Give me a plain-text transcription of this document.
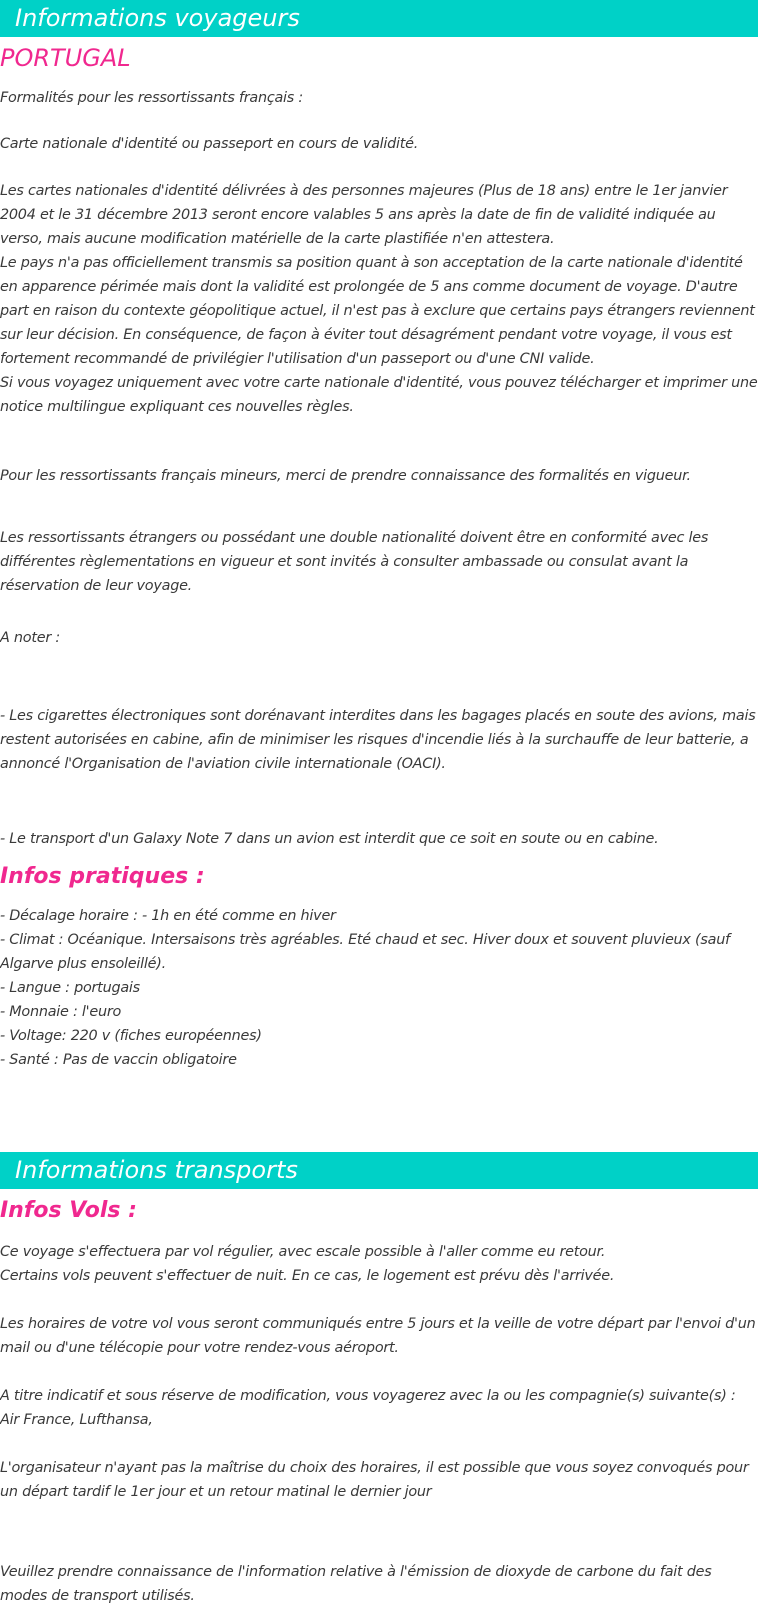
Informations voyageurs
PORTUGAL
Formalités pour les ressortissants français :
Carte nationale d'identité ou passeport en cours de validité.
Les cartes nationales d'identité délivrées à des personnes majeures (Plus de 18 ans) entre le 1er janvier 2004 et le 31 décembre 2013 seront encore valables 5 ans après la date de fin de validité indiquée au verso, mais aucune modification matérielle de la carte plastifiée n'en attestera.
Le pays n'a pas officiellement transmis sa position quant à son acceptation de la carte nationale d'identité en apparence périmée mais dont la validité est prolongée de 5 ans comme document de voyage. D'autre part en raison du contexte géopolitique actuel, il n'est pas à exclure que certains pays étrangers reviennent sur leur décision. En conséquence, de façon à éviter tout désagrément pendant votre voyage, il vous est fortement recommandé de privilégier l'utilisation d'un passeport ou d'une CNI valide.
Si vous voyagez uniquement avec votre carte nationale d'identité, vous pouvez télécharger et imprimer une notice multilingue expliquant ces nouvelles règles.
Pour les ressortissants français mineurs, merci de prendre connaissance des formalités en vigueur.
Les ressortissants étrangers ou possédant une double nationalité doivent être en conformité avec les différentes règlementations en vigueur et sont invités à consulter ambassade ou consulat avant la réservation de leur voyage.
A noter :
- Les cigarettes électroniques sont dorénavant interdites dans les bagages placés en soute des avions, mais restent autorisées en cabine, afin de minimiser les risques d'incendie liés à la surchauffe de leur batterie, a annoncé l'Organisation de l'aviation civile internationale (OACI).
- Le transport d'un Galaxy Note 7 dans un avion est interdit que ce soit en soute ou en cabine.
Infos pratiques :
- Décalage horaire : - 1h en été comme en hiver
- Climat : Océanique. Intersaisons très agréables. Eté chaud et sec. Hiver doux et souvent pluvieux (sauf Algarve plus ensoleillé).
- Langue : portugais
- Monnaie : l'euro
- Voltage: 220 v (fiches européennes)
- Santé : Pas de vaccin obligatoire
Informations transports
Infos Vols :
Ce voyage s'effectuera par vol régulier, avec escale possible à l'aller comme eu retour.
Certains vols peuvent s'effectuer de nuit. En ce cas, le logement est prévu dès l'arrivée.
Les horaires de votre vol vous seront communiqués entre 5 jours et la veille de votre départ par l'envoi d'un mail ou d'une télécopie pour votre rendez-vous aéroport.
A titre indicatif et sous réserve de modification, vous voyagerez avec la ou les compagnie(s) suivante(s) : Air France, Lufthansa,
L'organisateur n'ayant pas la maîtrise du choix des horaires, il est possible que vous soyez convoqués pour un départ tardif le 1er jour et un retour matinal le dernier jour
Veuillez prendre connaissance de l'information relative à l'émission de dioxyde de carbone du fait des modes de transport utilisés.
